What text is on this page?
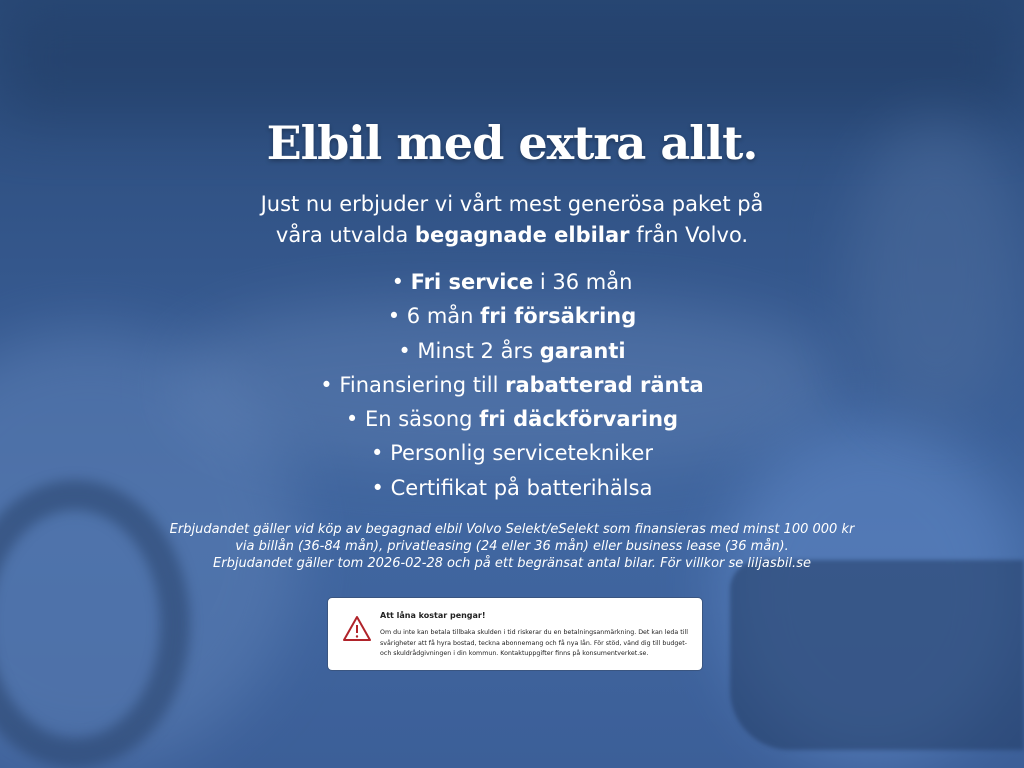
Elbil med extra allt.
Just nu erbjuder vi vårt mest generösa paket på
våra utvalda begagnade elbilar från Volvo.
• Fri service i 36 mån
• 6 mån fri försäkring
• Minst 2 års garanti
• Finansiering till rabatterad ränta
• En säsong fri däckförvaring
• Personlig servicetekniker
• Certifikat på batterihälsa
Erbjudandet gäller vid köp av begagnad elbil Volvo Selekt/eSelekt som finansieras med minst 100 000 kr
via billån (36-84 mån), privatleasing (24 eller 36 mån) eller business lease (36 mån).
Erbjudandet gäller tom 2026-02-28 och på ett begränsat antal bilar. För villkor se liljasbil.se
Att låna kostar pengar!
Om du inte kan betala tillbaka skulden i tid riskerar du en betalningsanmärkning. Det kan leda till svårigheter att få hyra bostad, teckna abonnemang och få nya lån. För stöd, vänd dig till budget- och skuldrådgivningen i din kommun. Kontaktuppgifter finns på konsumentverket.se.
